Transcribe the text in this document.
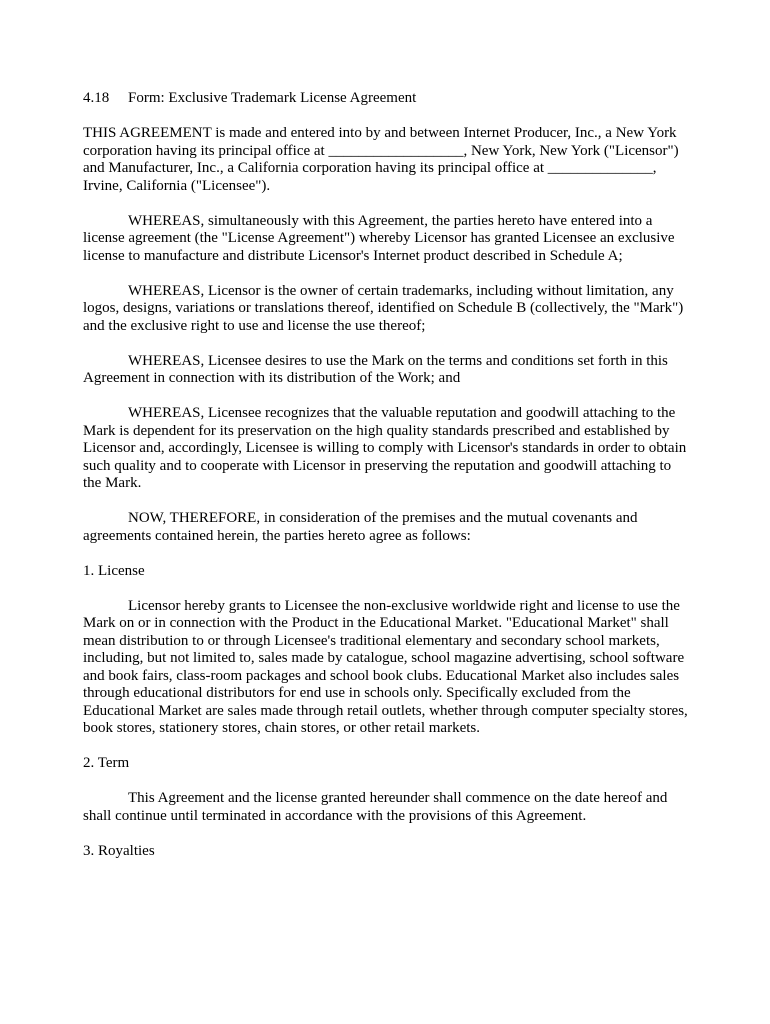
4.18 Form: Exclusive Trademark License Agreement

THIS AGREEMENT is made and entered into by and between Internet Producer, Inc., a New York corporation having its principal office at __________________, New York, New York ("Licensor") and Manufacturer, Inc., a California corporation having its principal office at ______________, Irvine, California ("Licensee").

WHEREAS, simultaneously with this Agreement, the parties hereto have entered into a license agreement (the "License Agreement") whereby Licensor has granted Licensee an exclusive license to manufacture and distribute Licensor's Internet product described in Schedule A;

WHEREAS, Licensor is the owner of certain trademarks, including without limitation, any logos, designs, variations or translations thereof, identified on Schedule B (collectively, the "Mark") and the exclusive right to use and license the use thereof;

WHEREAS, Licensee desires to use the Mark on the terms and conditions set forth in this Agreement in connection with its distribution of the Work; and

WHEREAS, Licensee recognizes that the valuable reputation and goodwill attaching to the Mark is dependent for its preservation on the high quality standards prescribed and established by Licensor and, accordingly, Licensee is willing to comply with Licensor's standards in order to obtain such quality and to cooperate with Licensor in preserving the reputation and goodwill attaching to the Mark.

NOW, THEREFORE, in consideration of the premises and the mutual covenants and agreements contained herein, the parties hereto agree as follows:

1. License

Licensor hereby grants to Licensee the non-exclusive worldwide right and license to use the Mark on or in connection with the Product in the Educational Market. "Educational Market" shall mean distribution to or through Licensee's traditional elementary and secondary school markets, including, but not limited to, sales made by catalogue, school magazine advertising, school software and book fairs, class-room packages and school book clubs. Educational Market also includes sales through educational distributors for end use in schools only. Specifically excluded from the Educational Market are sales made through retail outlets, whether through computer specialty stores, book stores, stationery stores, chain stores, or other retail markets.

2. Term

This Agreement and the license granted hereunder shall commence on the date hereof and shall continue until terminated in accordance with the provisions of this Agreement.

3. Royalties
